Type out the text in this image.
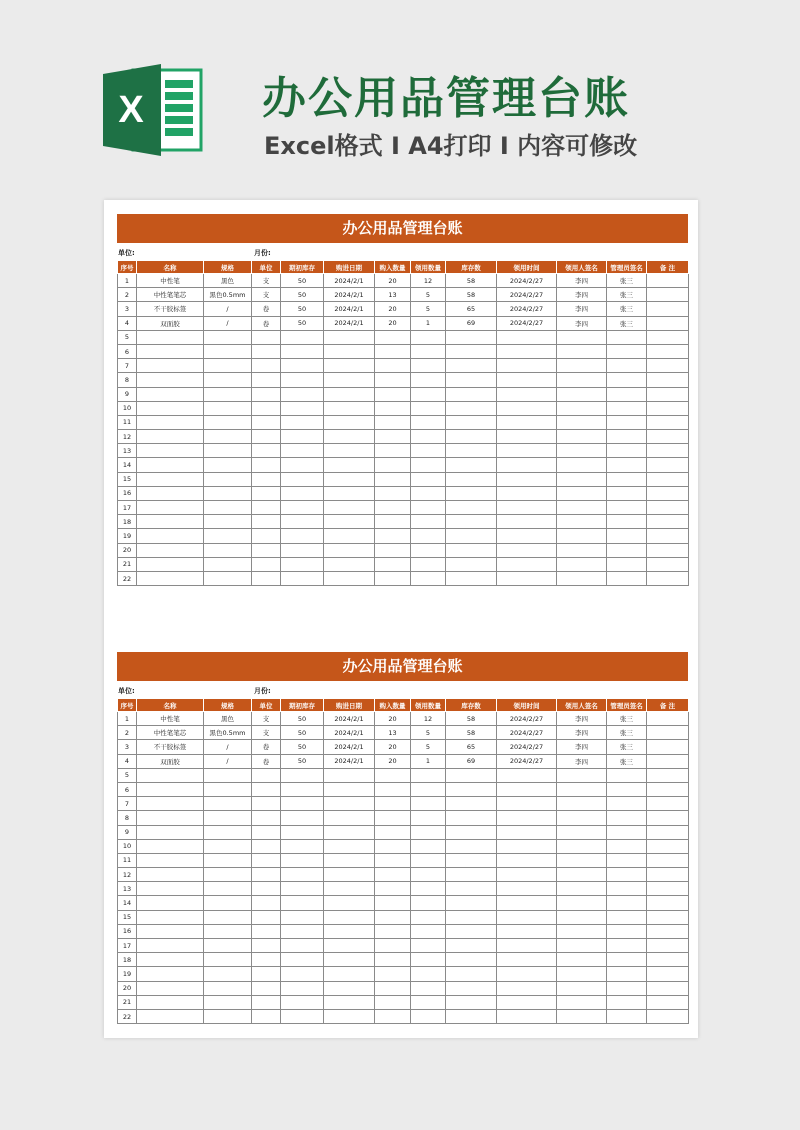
X	办公用品管理台账
Excel格式 I A4打印 I 内容可修改
办公用品管理台账
单位:	月份:
序号	名称	规格	单位	期初库存	购进日期	购入数量	领用数量	库存数	领用时间	领用人签名	管理员签名	备 注
1	中性笔	黑色	支	50	2024/2/1	20	12	58	2024/2/27	李四	张三	
2	中性笔笔芯	黑色0.5mm	支	50	2024/2/1	13	5	58	2024/2/27	李四	张三	
3	不干胶标签	/	卷	50	2024/2/1	20	5	65	2024/2/27	李四	张三	
4	双面胶	/	卷	50	2024/2/1	20	1	69	2024/2/27	李四	张三	
5												
6												
7												
8												
9												
10												
11												
12												
13												
14												
15												
16												
17												
18												
19												
20												
21												
22												
办公用品管理台账
单位:	月份:
序号	名称	规格	单位	期初库存	购进日期	购入数量	领用数量	库存数	领用时间	领用人签名	管理员签名	备 注
1	中性笔	黑色	支	50	2024/2/1	20	12	58	2024/2/27	李四	张三	
2	中性笔笔芯	黑色0.5mm	支	50	2024/2/1	13	5	58	2024/2/27	李四	张三	
3	不干胶标签	/	卷	50	2024/2/1	20	5	65	2024/2/27	李四	张三	
4	双面胶	/	卷	50	2024/2/1	20	1	69	2024/2/27	李四	张三	
5												
6												
7												
8												
9												
10												
11												
12												
13												
14												
15												
16												
17												
18												
19												
20												
21												
22												
